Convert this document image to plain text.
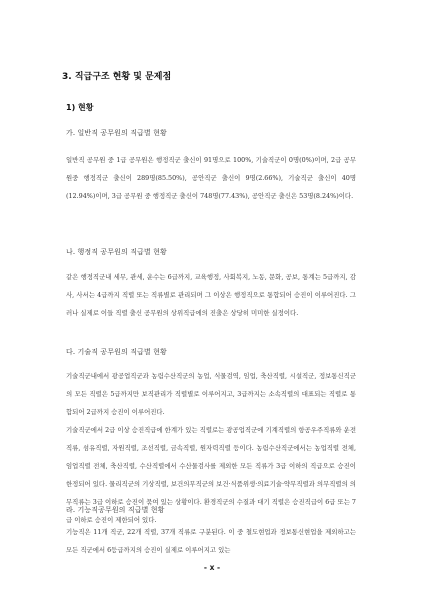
3. 직급구조 현황 및 문제점
1) 현황
가. 일반직 공무원의 직급별 현황

일반직 공무원 중 1급 공무원은 행정직군 출신이 91명으로 100%, 기술직군이 0명(0%)이며, 2급 공무원중 행정직군 출신이 289명(85.50%), 공안직군 출신이 9명(2.66%), 기술직군 출신이 40명(12.94%)이며, 3급 공무원 중 행정직군 출신이 748명(77.43%), 공안직군 출신은 53명(8.24%)이다.

나. 행정직 공무원의 직급별 현황

같은 행정직군내 세무, 관세, 운수는 6급까지, 교육행정, 사회복지, 노동, 문화, 공보, 통계는 5급까지, 감사, 사서는 4급까지 직렬 또는 직류별로 관리되며 그 이상은 행정직으로 통합되어 승진이 이루어진다. 그러나 실제로 이들 직렬 출신 공무원의 상위직급에의 진출은 상당히 미미한 실정이다.

다. 기술직 공무원의 직급별 현황

기술직군내에서 광공업직군과 농림수산직군의 농업, 식물검역, 임업, 축산직렬, 시설직군, 정보통신직군의 모든 직렬은 5급까지만 보직관리가 직렬별로 이루어지고, 3급까지는 소속직렬의 대표되는 직렬로 통합되어 2급까지 승진이 이루어진다.

기술직군에서 2급 이상 승진직급에 한계가 있는 직렬로는 광공업직군에 기계직렬의 항공우주직류와 운전직류, 섬유직렬, 자원직렬, 조선직렬, 금속직렬, 원자력직렬 등이다. 농림수산직군에서는 농업직렬 전체, 임업직렬 전체, 축산직렬, 수산직렬에서 수산물검사를 제외한 모든 직류가 3급 이하의 직급으로 승진이 한정되어 있다. 물리직군의 기상직렬, 보건의무직군의 보건·식품위생·의료기술·약무직렬과 의무직렬의 의무직류는 3급 이하로 승진이 묶여 있는 상황이다. 환경직군의 수질과 대기 직렬은 승진직급이 6급 또는 7급 이하로 승진이 제한되어 있다.

라. 기능직공무원의 직급별 현황

기능직은 11개 직군, 22개 직렬, 37개 직류로 구분된다. 이 중 철도현업과 정보통신현업을 제외하고는 모든 직군에서 6등급까지의 승진이 실제로 이루어지고 있는

- x -
